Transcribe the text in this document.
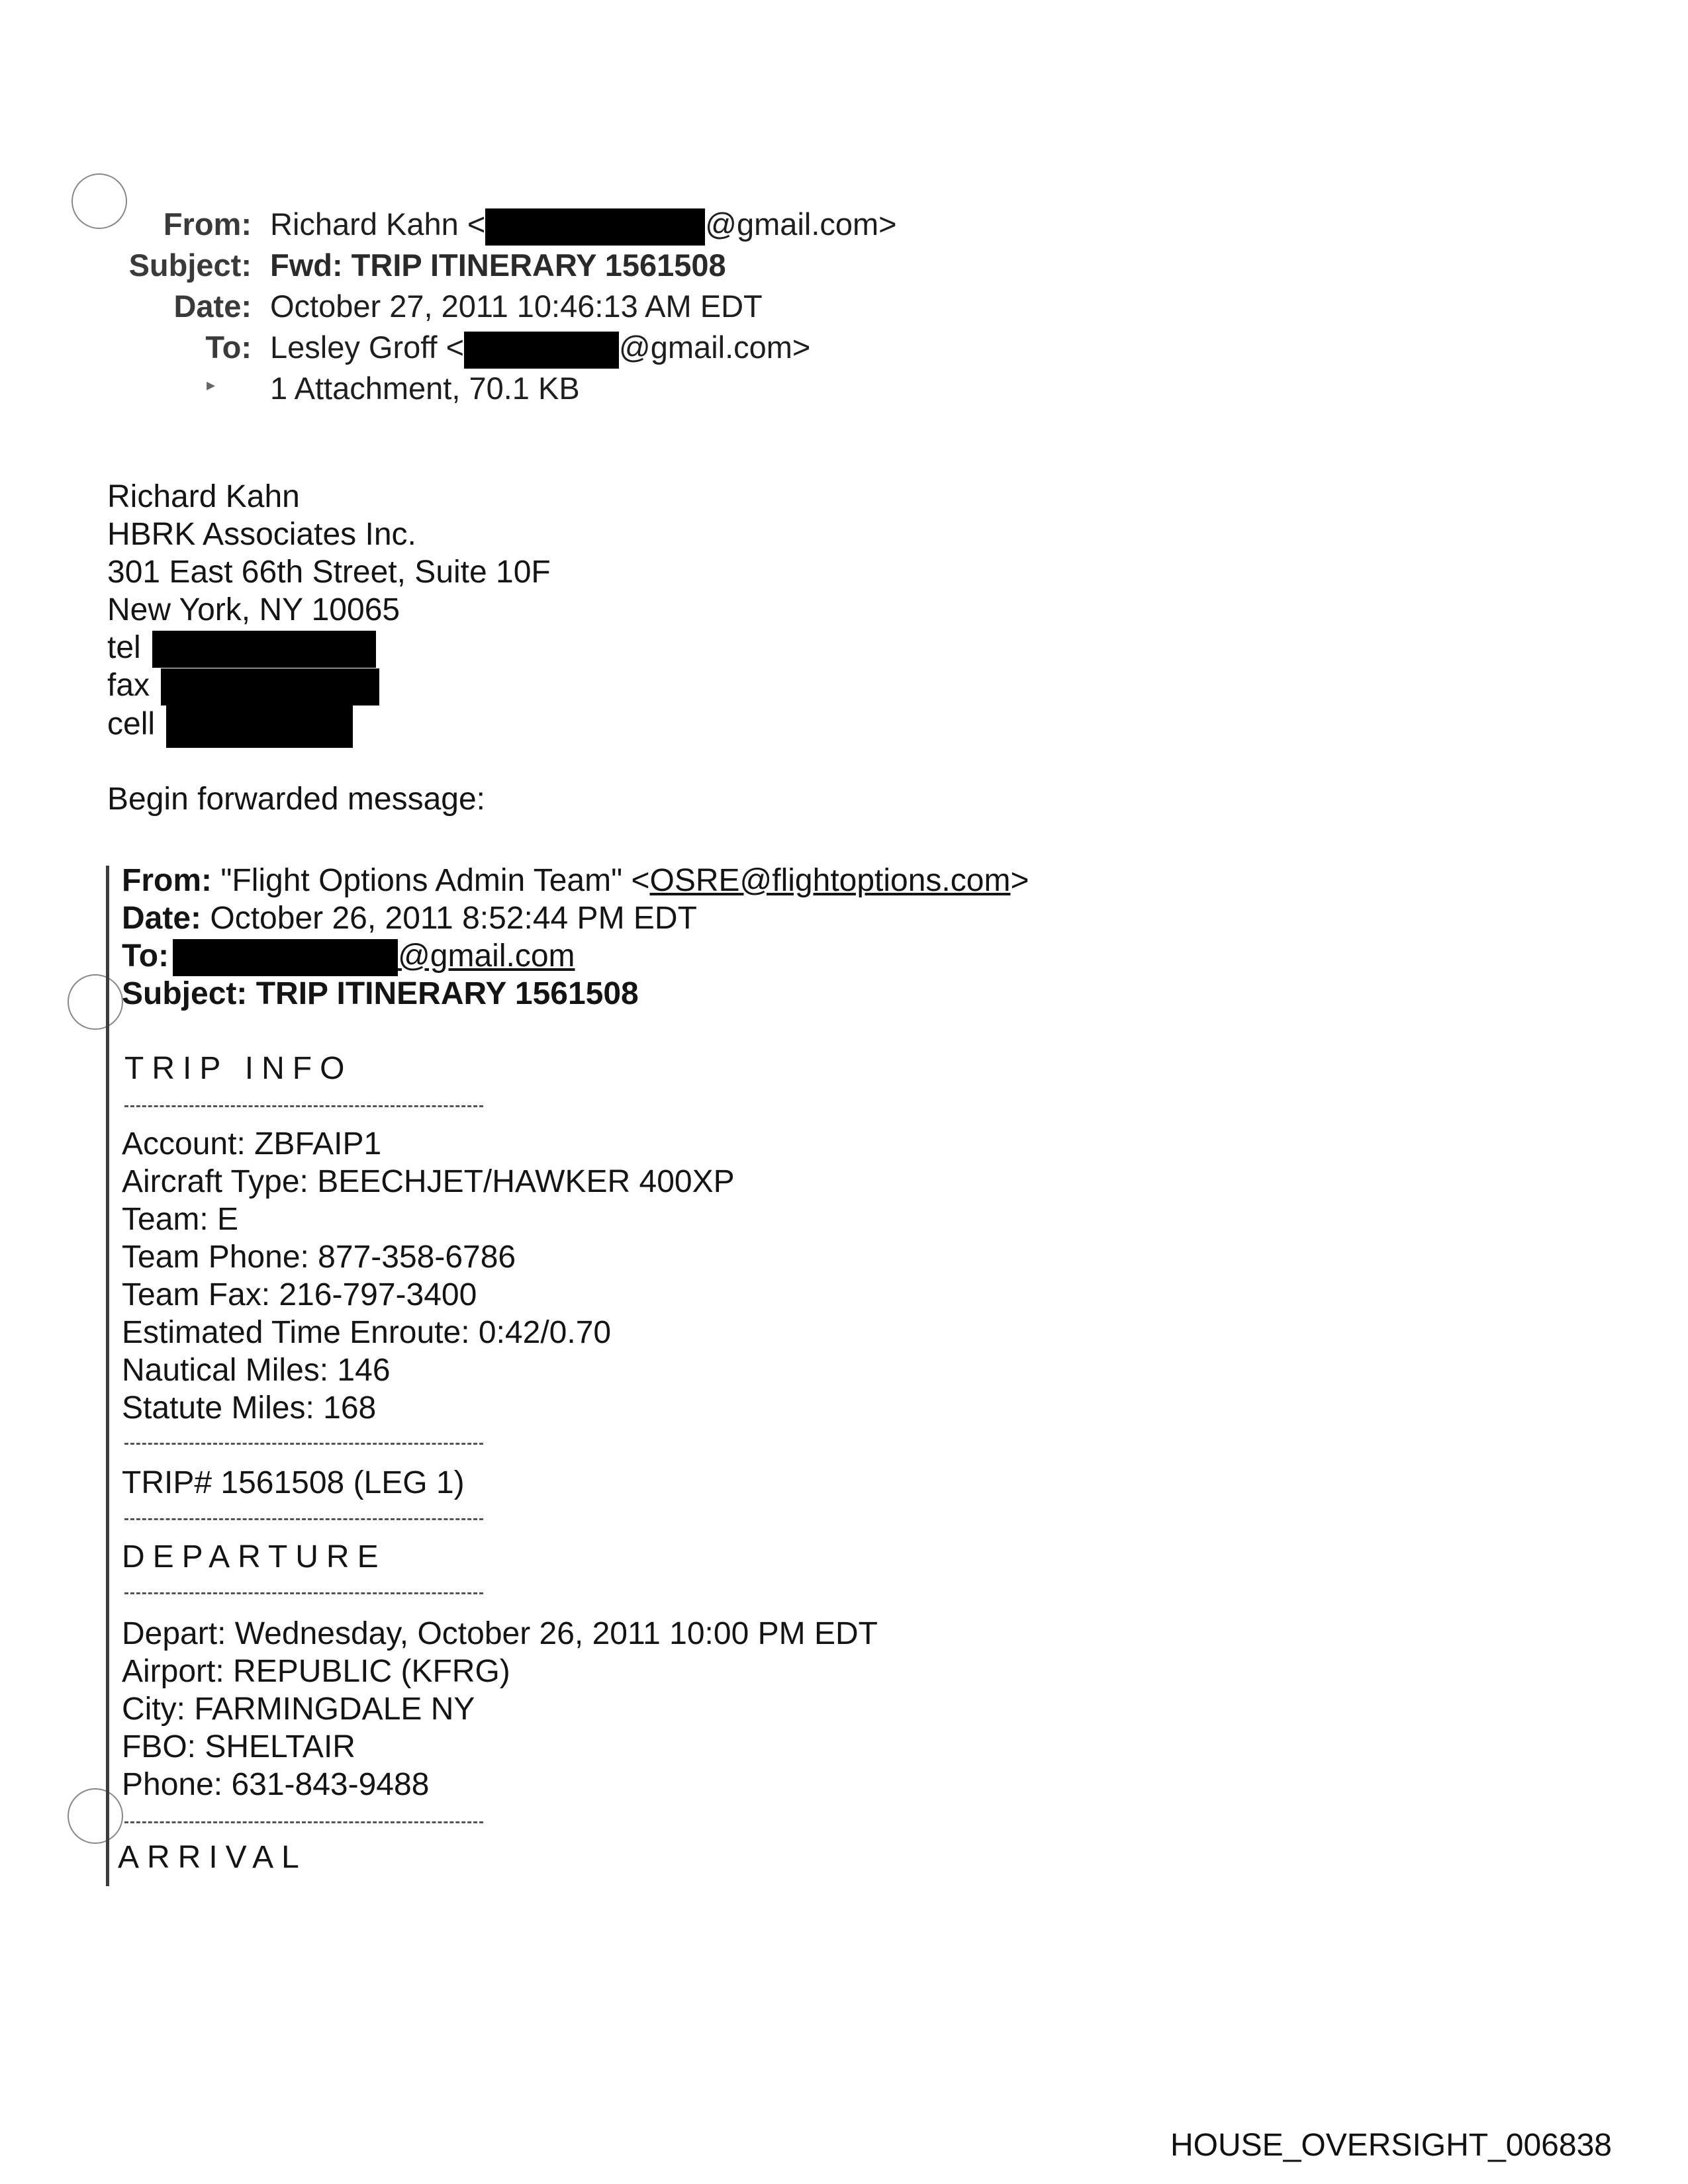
From: Richard Kahn <	@gmail.com>
Subject: Fwd: TRIP ITINERARY 1561508
Date: October 27, 2011 10:46:13 AM EDT
To: Lesley Groff <	@gmail.com>
1 Attachment, 70.1 KB
▸
Richard Kahn
HBRK Associates Inc.
301 East 66th Street, Suite 10F
New York, NY 10065
tel
fax
cell
Begin forwarded message:
From: "Flight Options Admin Team" <OSRE@flightoptions.com>
Date: October 26, 2011 8:52:44 PM EDT
To:	@gmail.com
Subject: TRIP ITINERARY 1561508
TRIP INFO
Account: ZBFAIP1
Aircraft Type: BEECHJET/HAWKER 400XP
Team: E
Team Phone: 877-358-6786
Team Fax: 216-797-3400
Estimated Time Enroute: 0:42/0.70
Nautical Miles: 146
Statute Miles: 168
TRIP# 1561508 (LEG 1)
DEPARTURE
Depart: Wednesday, October 26, 2011 10:00 PM EDT
Airport: REPUBLIC (KFRG)
City: FARMINGDALE NY
FBO: SHELTAIR
Phone: 631-843-9488
ARRIVAL
HOUSE_OVERSIGHT_006838
